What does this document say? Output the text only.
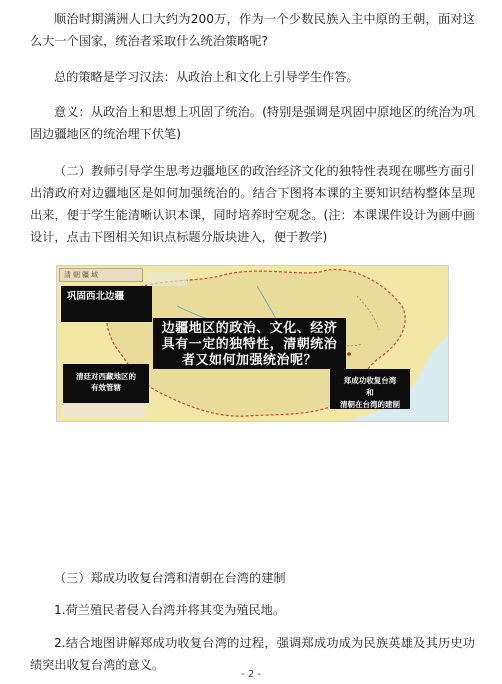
顺治时期满洲人口大约为200万，作为一个少数民族入主中原的王朝，面对这么大一个国家，统治者采取什么统治策略呢?

总的策略是学习汉法：从政治上和文化上引导学生作答。

意义：从政治上和思想上巩固了统治。(特别是强调是巩固中原地区的统治为巩固边疆地区的统治埋下伏笔)

（二）教师引导学生思考边疆地区的政治经济文化的独特性表现在哪些方面引出清政府对边疆地区是如何加强统治的。结合下图将本课的主要知识结构整体呈现出来，便于学生能清晰认识本课，同时培养时空观念。(注：本课课件设计为画中画设计，点击下图相关知识点标题分版块进入，便于教学)

清朝疆域
巩固西北边疆
边疆地区的政治、文化、经济具有一定的独特性，清朝统治者又如何加强统治呢？
清廷对西藏地区的
有效管辖
郑成功收复台湾
和
清朝在台湾的建制

（三）郑成功收复台湾和清朝在台湾的建制

1.荷兰殖民者侵入台湾并将其变为殖民地。

2.结合地图讲解郑成功收复台湾的过程，强调郑成功成为民族英雄及其历史功绩突出收复台湾的意义。

- 2 -
